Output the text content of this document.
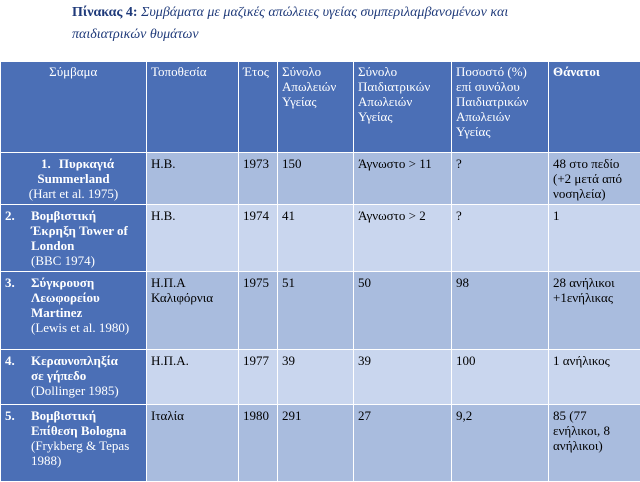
Πίνακας 4: Συμβάματα με μαζικές απώλειες υγείας συμπεριλαμβανομένων και
παιδιατρικών θυμάτων
Σύμβαμα	Τοποθεσία	Έτος	Σύνολο Απωλειών Υγείας	Σύνολο Παιδιατρικών Απωλειών Υγείας	Ποσοστό (%) επί συνόλου Παιδιατρικών Απωλειών Υγείας	Θάνατοι

1. Πυρκαγιά
Summerland
(Hart et al. 1975)	Η.Β.	1973	150	Άγνωστο > 11	?	48 στο πεδίο (+2 μετά από νοσηλεία)

2. Βομβιστική
Έκρηξη Tower of London
(BBC 1974)	Η.Β.	1974	41	Άγνωστο > 2	?	1

3. Σύγκρουση
Λεωφορείου Martinez
(Lewis et al. 1980)	Η.Π.Α Καλιφόρνια	1975	51	50	98	28 ανήλικοι +1ενήλικας

4. Κεραυνοπληξία
σε γήπεδο
(Dollinger 1985)	Η.Π.Α.	1977	39	39	100	1 ανήλικος

5. Βομβιστική
Επίθεση Bologna
(Frykberg & Tepas 1988)	Ιταλία	1980	291	27	9,2	85 (77 ενήλικοι, 8 ανήλικοι)
